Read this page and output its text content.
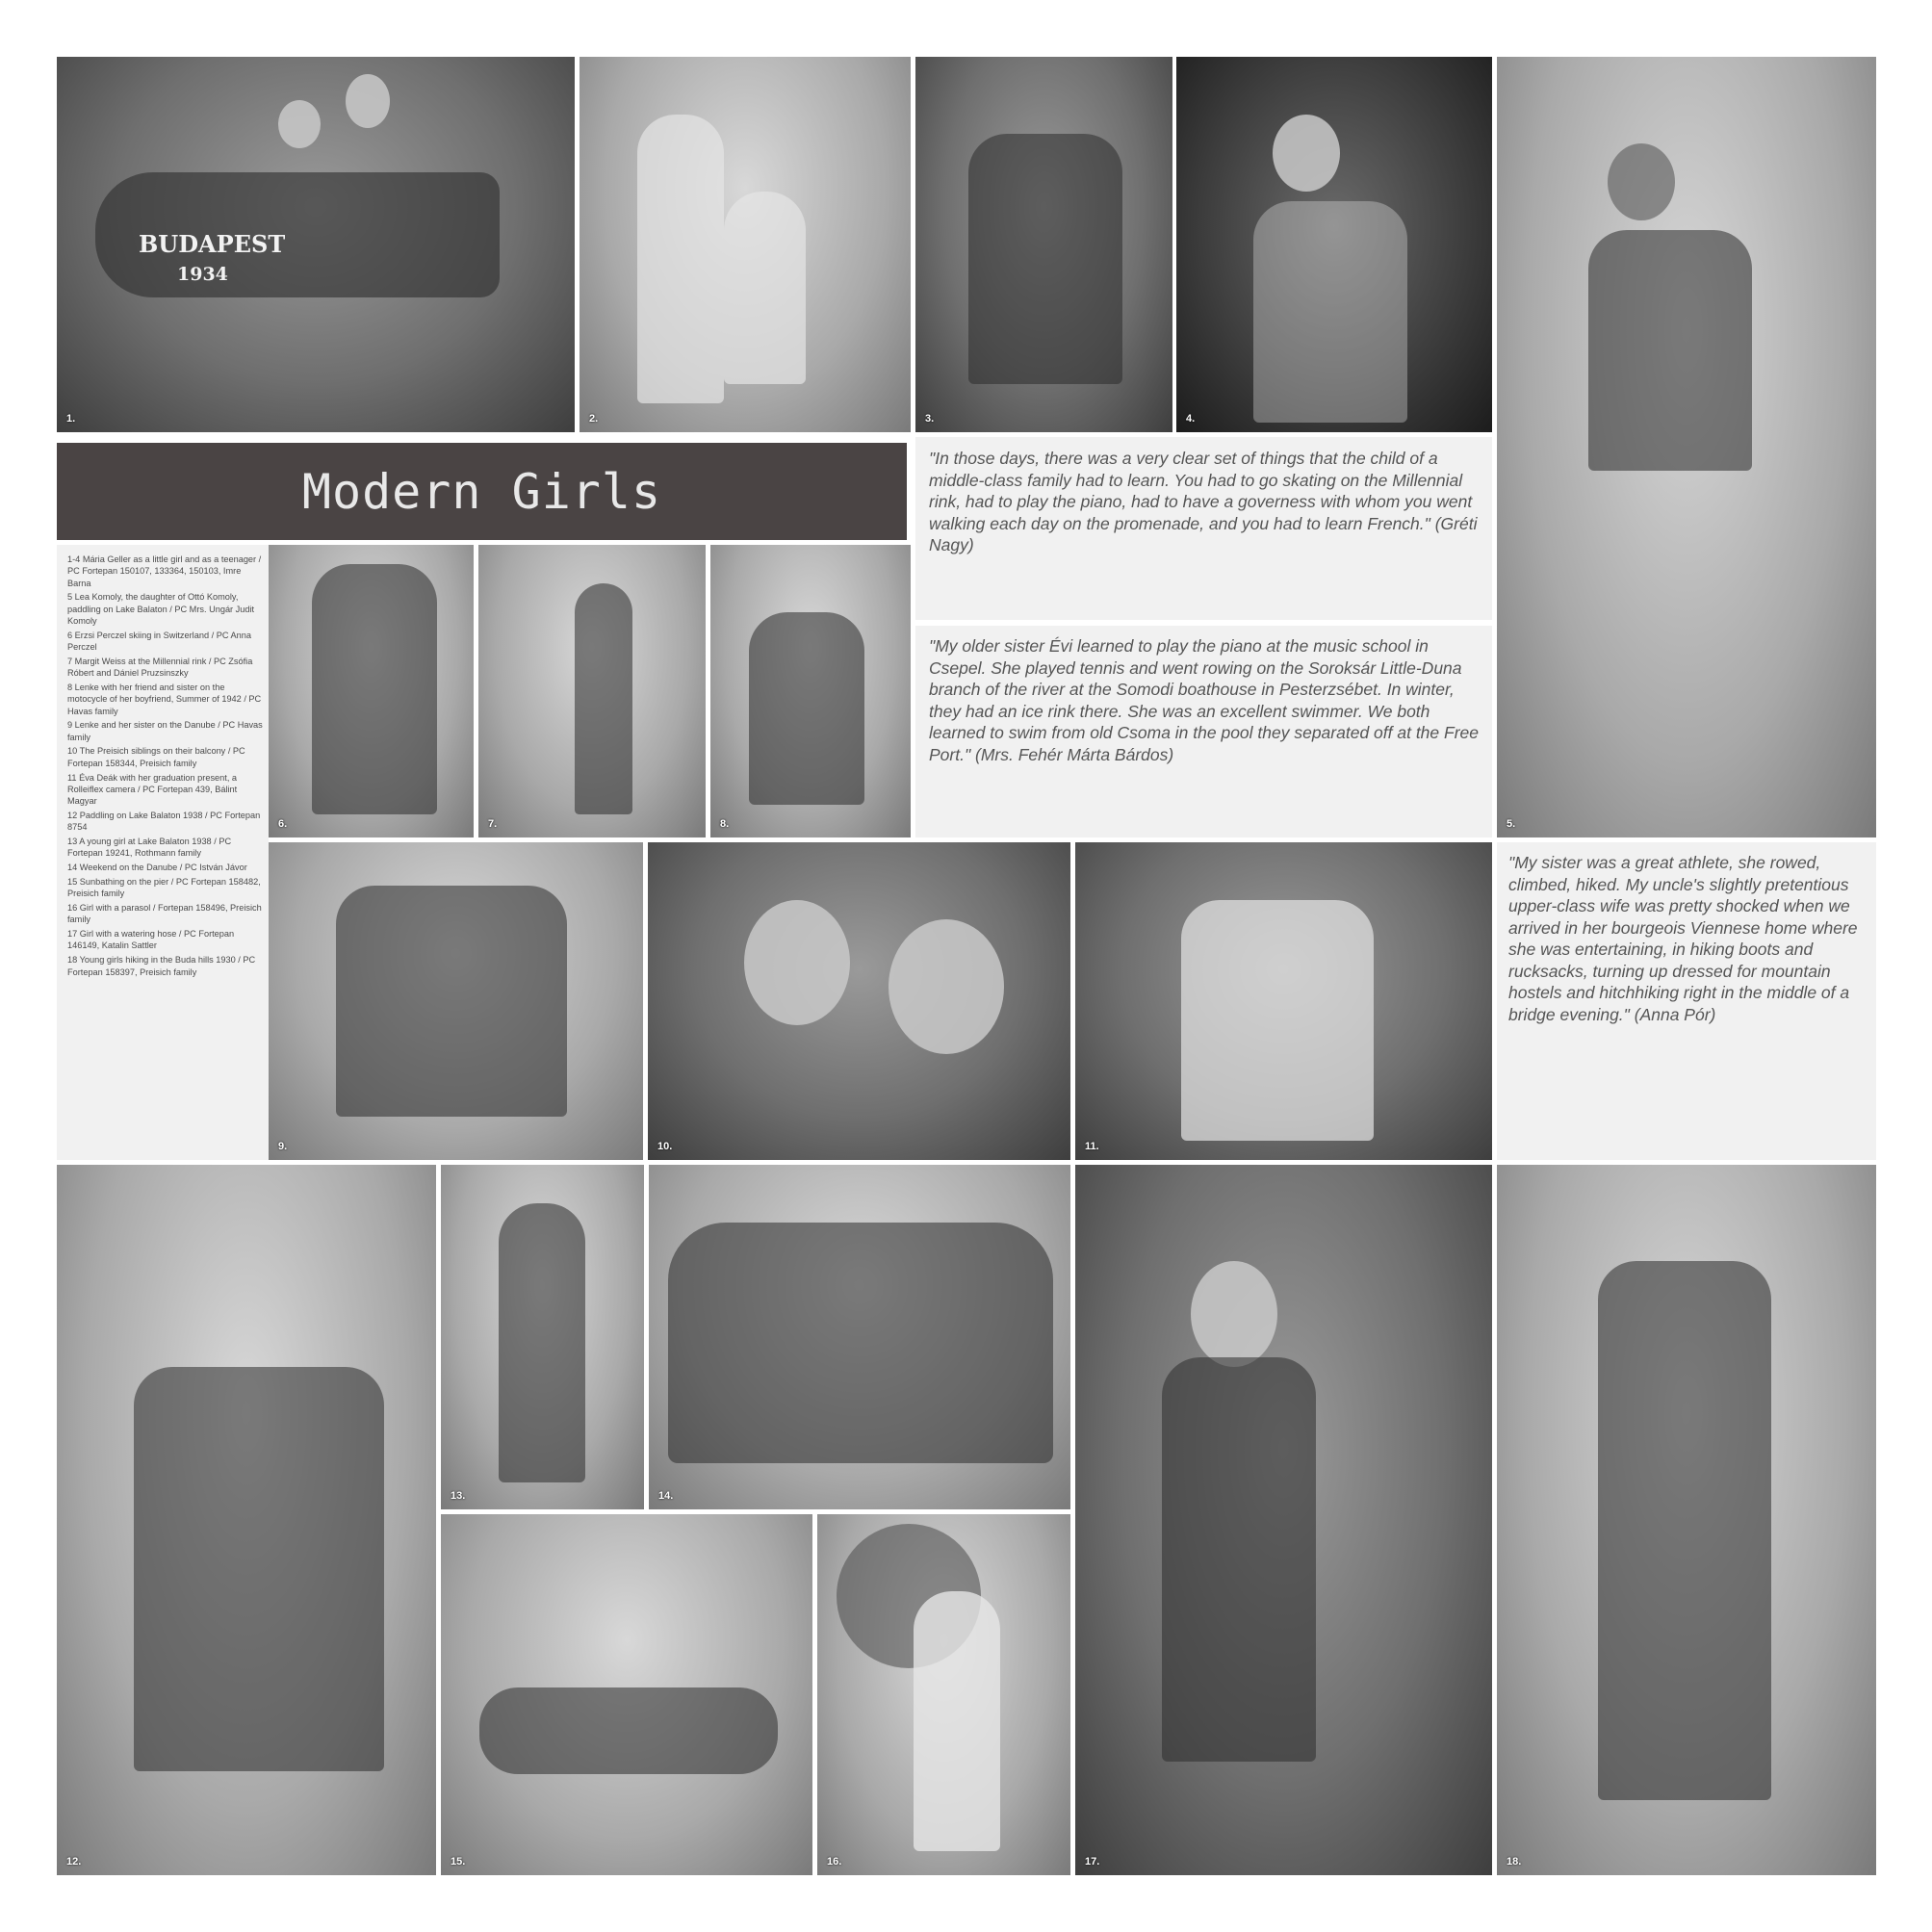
BUDAPEST
1934
1.	2.	3.	4.
5.
Modern Girls
"In those days, there was a very clear set of things that the child of a middle-class family had to learn. You had to go skating on the Millennial rink, had to play the piano, had to have a governess with whom you went walking each day on the promenade, and you had to learn French." (Gréti Nagy)
"My older sister Évi learned to play the piano at the music school in Csepel. She played tennis and went rowing on the Soroksár Little-Duna branch of the river at the Somodi boathouse in Pesterzsébet. In winter, they had an ice rink there. She was an excellent swimmer. We both learned to swim from old Csoma in the pool they separated off at the Free Port." (Mrs. Fehér Márta Bárdos)
"My sister was a great athlete, she rowed, climbed, hiked. My uncle's slightly pretentious upper-class wife was pretty shocked when we arrived in her bourgeois Viennese home where she was entertaining, in hiking boots and rucksacks, turning up dressed for mountain hostels and hitchhiking right in the middle of a bridge evening." (Anna Pór)
1-4 Mária Geller as a little girl and as a teenager / PC Fortepan 150107, 133364, 150103, Imre Barna
5 Lea Komoly, the daughter of Ottó Komoly, paddling on Lake Balaton / PC Mrs. Ungár Judit Komoly
6 Erzsi Perczel skiing in Switzerland / PC Anna Perczel
7 Margit Weiss at the Millennial rink / PC Zsófia Róbert and Dániel Pruzsinszky
8 Lenke with her friend and sister on the motocycle of her boyfriend, Summer of 1942 / PC Havas family
9 Lenke and her sister on the Danube / PC Havas family
10 The Preisich siblings on their balcony / PC Fortepan 158344, Preisich family
11 Éva Deák with her graduation present, a Rolleiflex camera / PC Fortepan 439, Bálint Magyar
12 Paddling on Lake Balaton 1938 / PC Fortepan 8754
13 A young girl at Lake Balaton 1938 / PC Fortepan 19241, Rothmann family
14 Weekend on the Danube / PC István Jávor
15 Sunbathing on the pier / PC Fortepan 158482, Preisich family
16 Girl with a parasol / Fortepan 158496, Preisich family
17 Girl with a watering hose / PC Fortepan 146149, Katalin Sattler
18 Young girls hiking in the Buda hills 1930 / PC Fortepan 158397, Preisich family
6.	7.	8.
9.	10.	11.
12.
13.	14.
15.	16.	17.	18.
